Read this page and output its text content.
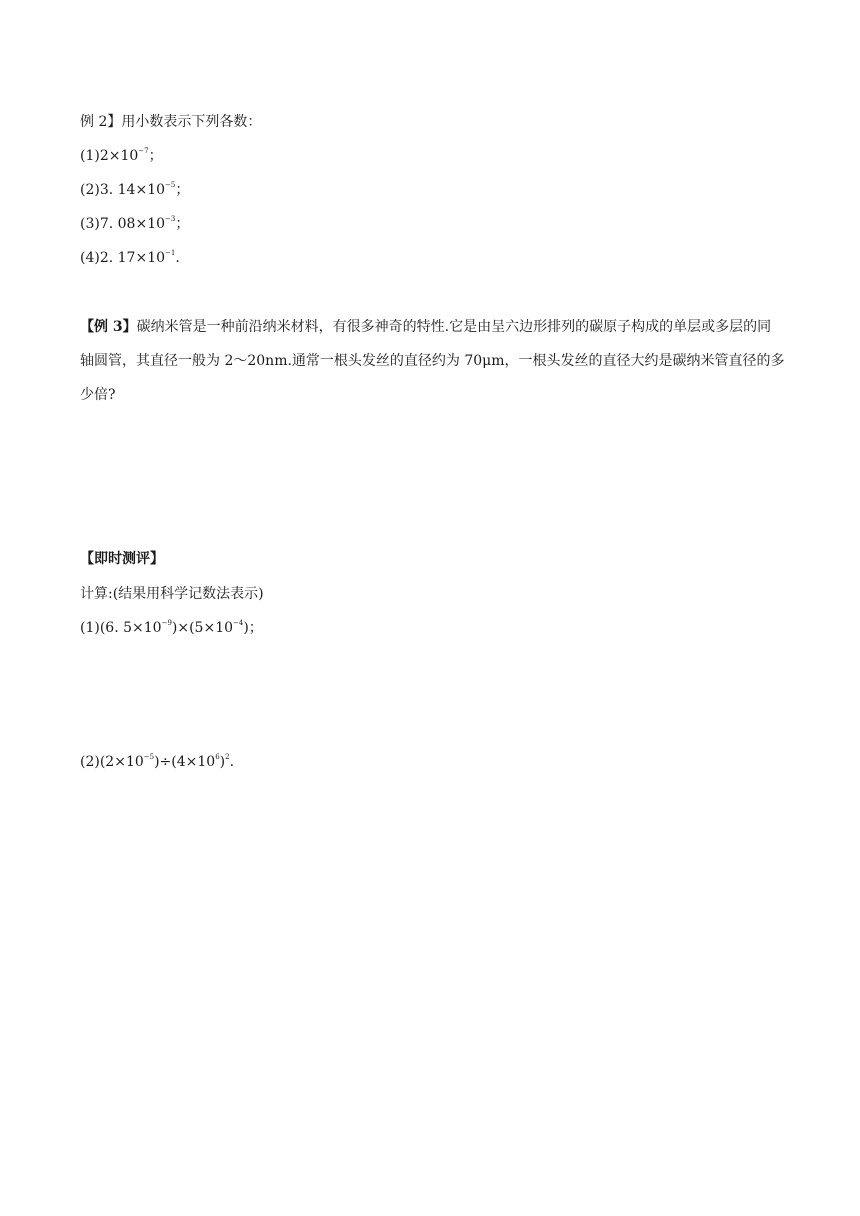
例 2】用小数表示下列各数：
$(1)2\times 10^{-7}$；
(2)3. $14\times 10^{-5}$；
(3)7. $08\times 10^{-3}$；
(4)2. $17\times 10^{-1}$.
【例 3】碳纳米管是一种前沿纳米材料，有很多神奇的特性.它是由呈六边形排列的碳原子构成的单层或多层的同轴圆管，其直径一般为 2～20nm.通常一根头发丝的直径约为 70μm，一根头发丝的直径大约是碳纳米管直径的多少倍?
【即时测评】
计算:(结果用科学记数法表示)
(1)(6. $5\times 10^{-9})\times(5\times 10^{-4})$；
$(2)(2\times 10^{-5})\div(4\times 10^6)^2$.
